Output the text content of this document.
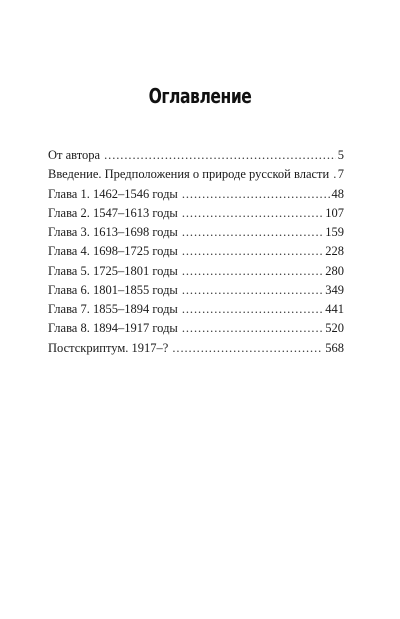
Оглавление
От автора . . .	5
Введение. Предположения о природе русской власти . . . 7
Глава 1. 1462–1546 годы . . .	48
Глава 2. 1547–1613 годы . . .	107
Глава 3. 1613–1698 годы . . .	159
Глава 4. 1698–1725 годы . . .	228
Глава 5. 1725–1801 годы . . .	280
Глава 6. 1801–1855 годы . . .	349
Глава 7. 1855–1894 годы . . .	441
Глава 8. 1894–1917 годы . . .	520
Постскриптум. 1917–? . . .	568
